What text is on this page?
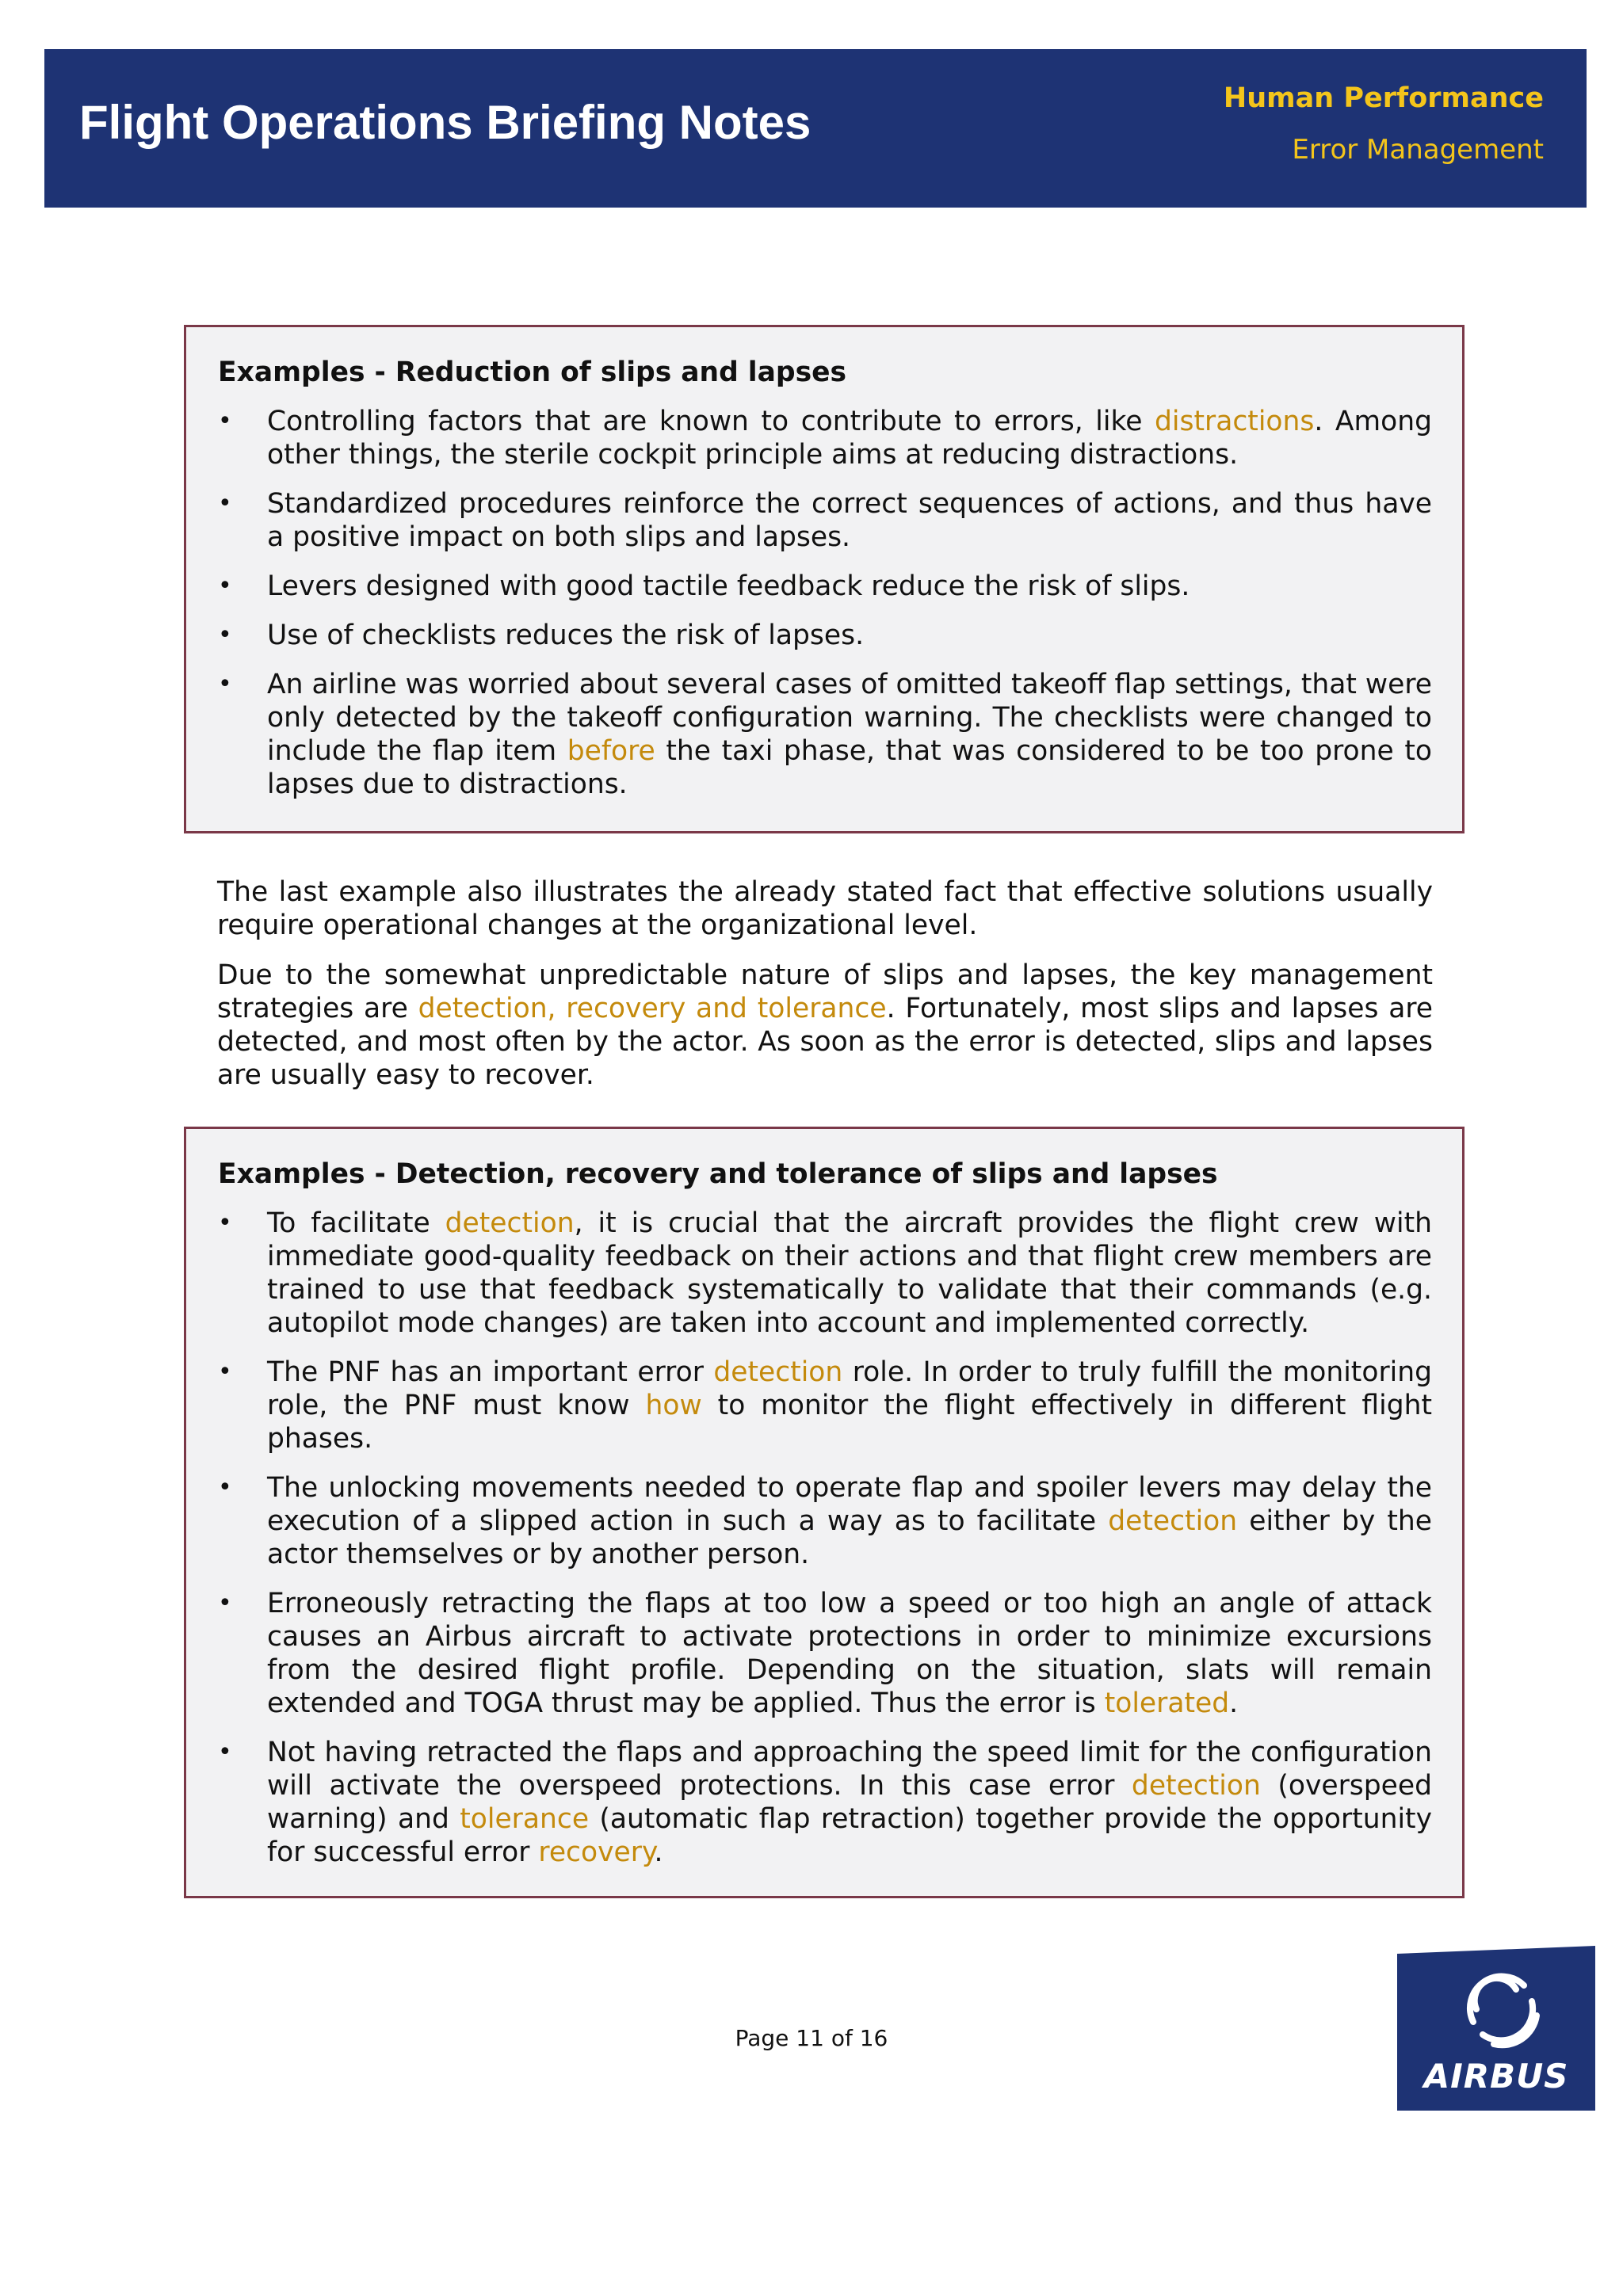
Flight Operations Briefing Notes	Human Performance
Error Management
Examples - Reduction of slips and lapses
•	Controlling factors that are known to contribute to errors, like distractions. Among other things, the sterile cockpit principle aims at reducing distractions.
•	Standardized procedures reinforce the correct sequences of actions, and thus have a positive impact on both slips and lapses.
•	Levers designed with good tactile feedback reduce the risk of slips.
•	Use of checklists reduces the risk of lapses.
•	An airline was worried about several cases of omitted takeoff flap settings, that were only detected by the takeoff configuration warning. The checklists were changed to include the flap item before the taxi phase, that was considered to be too prone to lapses due to distractions.

The last example also illustrates the already stated fact that effective solutions usually require operational changes at the organizational level.

Due to the somewhat unpredictable nature of slips and lapses, the key management strategies are detection, recovery and tolerance. Fortunately, most slips and lapses are detected, and most often by the actor. As soon as the error is detected, slips and lapses are usually easy to recover.

Examples - Detection, recovery and tolerance of slips and lapses
•	To facilitate detection, it is crucial that the aircraft provides the flight crew with immediate good-quality feedback on their actions and that flight crew members are trained to use that feedback systematically to validate that their commands (e.g. autopilot mode changes) are taken into account and implemented correctly.
•	The PNF has an important error detection role. In order to truly fulfill the monitoring role, the PNF must know how to monitor the flight effectively in different flight phases.
•	The unlocking movements needed to operate flap and spoiler levers may delay the execution of a slipped action in such a way as to facilitate detection either by the actor themselves or by another person.
•	Erroneously retracting the flaps at too low a speed or too high an angle of attack causes an Airbus aircraft to activate protections in order to minimize excursions from the desired flight profile. Depending on the situation, slats will remain extended and TOGA thrust may be applied. Thus the error is tolerated.
•	Not having retracted the flaps and approaching the speed limit for the configuration will activate the overspeed protections. In this case error detection (overspeed warning) and tolerance (automatic flap retraction) together provide the opportunity for successful error recovery.
Page 11 of 16
AIRBUS
